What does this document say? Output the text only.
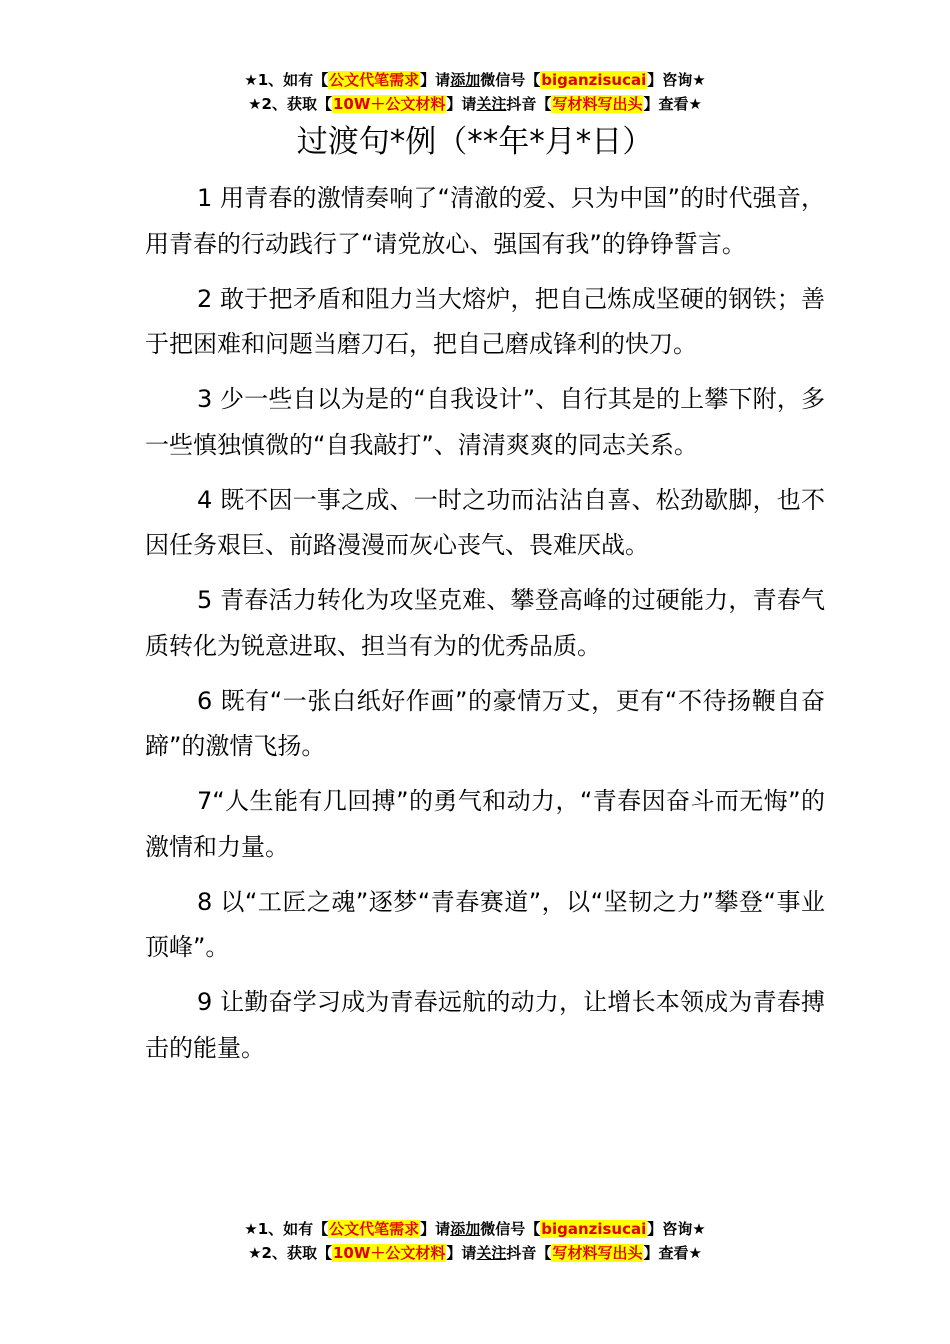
★1、如有【公文代笔需求】请添加微信号【biganzisucai】咨询★
★2、获取【10W＋公文材料】请关注抖音【写材料写出头】查看★
过渡句*例（**年*月*日）

1 用青春的激情奏响了“清澈的爱、只为中国”的时代强音，用青春的行动践行了“请党放心、强国有我”的铮铮誓言。

2 敢于把矛盾和阻力当大熔炉，把自己炼成坚硬的钢铁；善于把困难和问题当磨刀石，把自己磨成锋利的快刀。

3 少一些自以为是的“自我设计”、自行其是的上攀下附，多一些慎独慎微的“自我敲打”、清清爽爽的同志关系。

4 既不因一事之成、一时之功而沾沾自喜、松劲歇脚，也不因任务艰巨、前路漫漫而灰心丧气、畏难厌战。

5 青春活力转化为攻坚克难、攀登高峰的过硬能力，青春气质转化为锐意进取、担当有为的优秀品质。

6 既有“一张白纸好作画”的豪情万丈，更有“不待扬鞭自奋蹄”的激情飞扬。

7“人生能有几回搏”的勇气和动力，“青春因奋斗而无悔”的激情和力量。

8 以“工匠之魂”逐梦“青春赛道”，以“坚韧之力”攀登“事业顶峰”。

9 让勤奋学习成为青春远航的动力，让增长本领成为青春搏击的能量。

★1、如有【公文代笔需求】请添加微信号【biganzisucai】咨询★
★2、获取【10W＋公文材料】请关注抖音【写材料写出头】查看★
